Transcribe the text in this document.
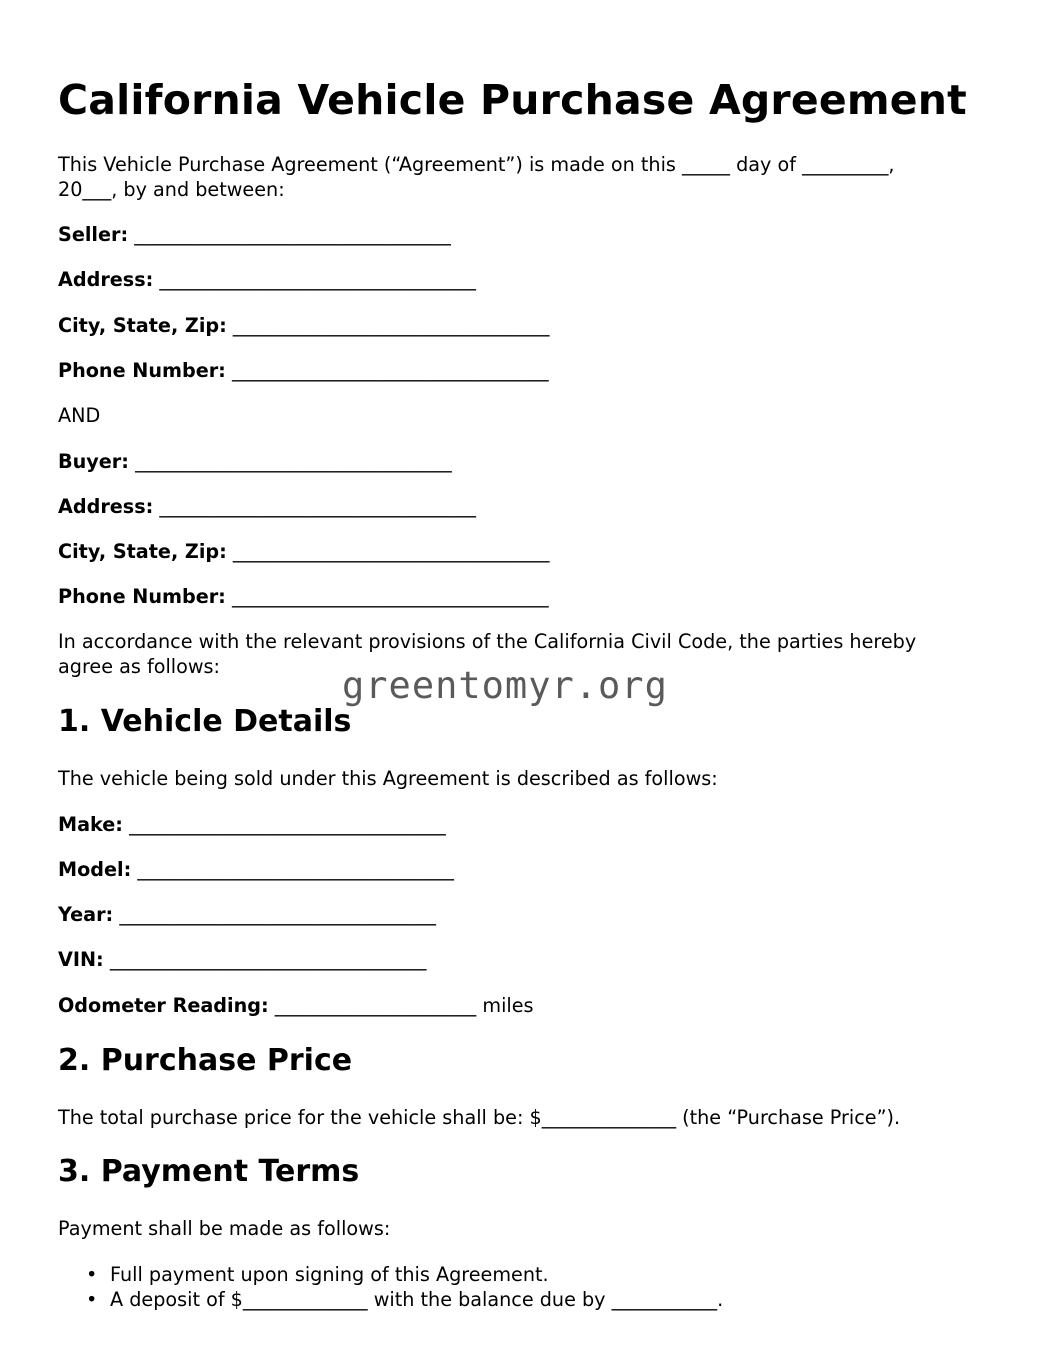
California Vehicle Purchase Agreement
This Vehicle Purchase Agreement (“Agreement”) is made on this _____ day of _________,
20___, by and between:
Seller: _________________________________
Address: _________________________________
City, State, Zip: _________________________________
Phone Number: _________________________________
AND
Buyer: _________________________________
Address: _________________________________
City, State, Zip: _________________________________
Phone Number: _________________________________
In accordance with the relevant provisions of the California Civil Code, the parties hereby
agree as follows:
1. Vehicle Details
The vehicle being sold under this Agreement is described as follows:
Make: _________________________________
Model: _________________________________
Year: _________________________________
VIN: _________________________________
Odometer Reading: _____________________ miles
2. Purchase Price
The total purchase price for the vehicle shall be: $______________ (the “Purchase Price”).
3. Payment Terms
Payment shall be made as follows:
• Full payment upon signing of this Agreement.
• A deposit of $_____________ with the balance due by ___________.
greentomyr.org
